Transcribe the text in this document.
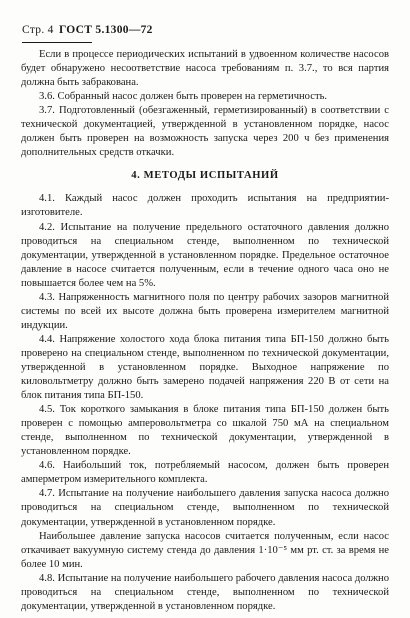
Стр. 4 ГОСТ 5.1300—72

Если в процессе периодических испытаний в удвоенном количестве насосов будет обнаружено несоответствие насоса требованиям п. 3.7., то вся партия должна быть забракована.

3.6. Собранный насос должен быть проверен на герметичность.

3.7. Подготовленный (обезгаженный, герметизированный) в соответствии с технической документацией, утвержденной в установленном порядке, насос должен быть проверен на возможность запуска через 200 ч без применения дополнительных средств откачки.

4. МЕТОДЫ ИСПЫТАНИЙ

4.1. Каждый насос должен проходить испытания на предприятии-изготовителе.

4.2. Испытание на получение предельного остаточного давления должно проводиться на специальном стенде, выполненном по технической документации, утвержденной в установленном порядке. Предельное остаточное давление в насосе считается полученным, если в течение одного часа оно не повышается более чем на 5%.

4.3. Напряженность магнитного поля по центру рабочих зазоров магнитной системы по всей их высоте должна быть проверена измерителем магнитной индукции.

4.4. Напряжение холостого хода блока питания типа БП-150 должно быть проверено на специальном стенде, выполненном по технической документации, утвержденной в установленном порядке. Выходное напряжение по киловольтметру должно быть замерено подачей напряжения 220 В от сети на блок питания типа БП-150.

4.5. Ток короткого замыкания в блоке питания типа БП-150 должен быть проверен с помощью амперовольтметра со шкалой 750 мА на специальном стенде, выполненном по технической документации, утвержденной в установленном порядке.

4.6. Наибольший ток, потребляемый насосом, должен быть проверен амперметром измерительного комплекта.

4.7. Испытание на получение наибольшего давления запуска насоса должно проводиться на специальном стенде, выполненном по технической документации, утвержденной в установленном порядке.

Наибольшее давление запуска насосов считается полученным, если насос откачивает вакуумную систему стенда до давления 1·10⁻⁵ мм рт. ст. за время не более 10 мин.

4.8. Испытание на получение наибольшего рабочего давления насоса должно проводиться на специальном стенде, выполненном по технической документации, утвержденной в установленном порядке.
